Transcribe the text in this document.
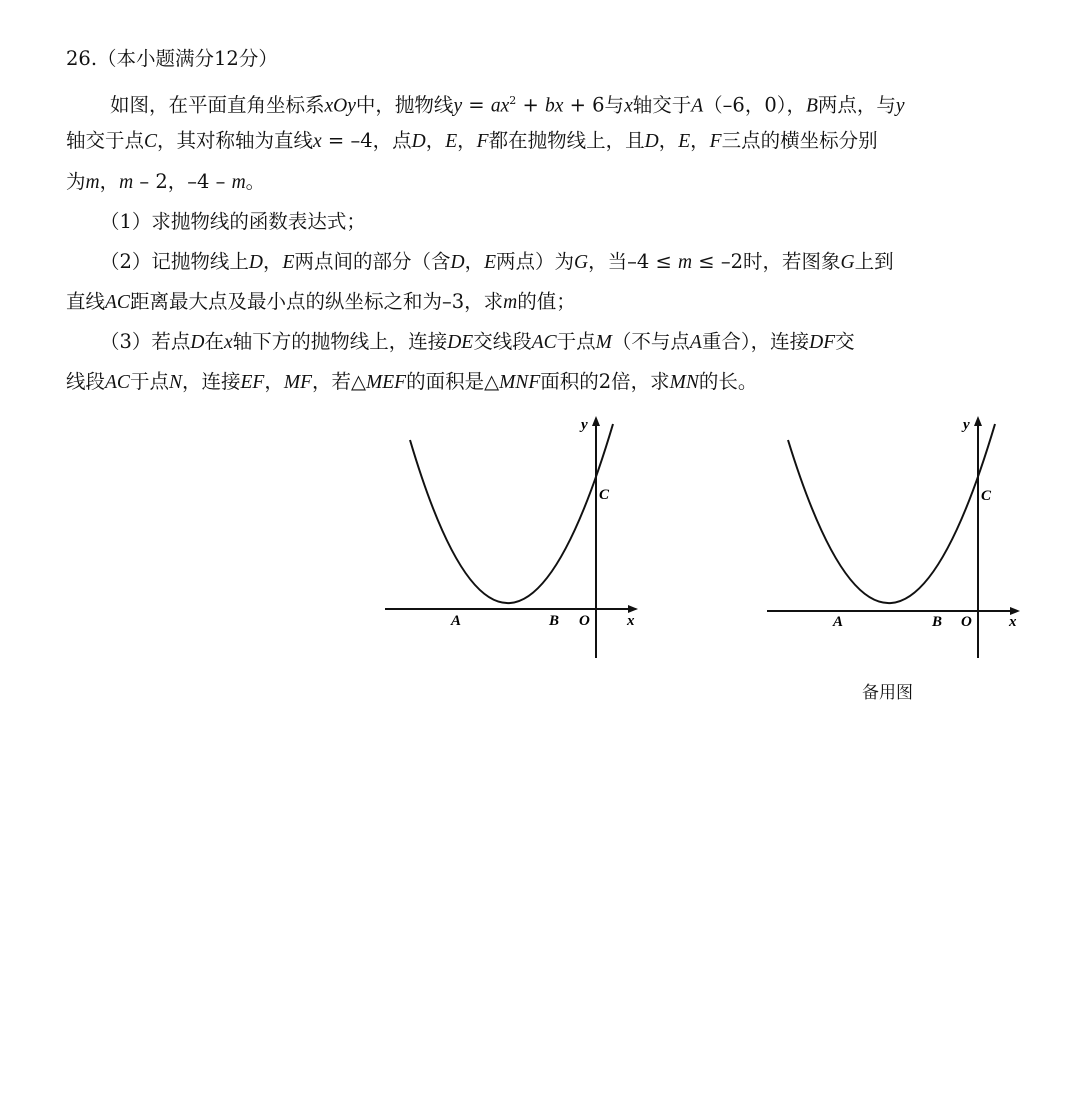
26.（本小题满分12分）
如图，在平面直角坐标系xOy中，抛物线$y = ax^2$ + bx + 6与x轴交于A（–6，0），B两点，与y
轴交于点C，其对称轴为直线x = –4，点D，E，F都在抛物线上，且D，E，F三点的横坐标分别
为m，m – 2，–4 – m。
（1）求抛物线的函数表达式；
（2）记抛物线上D，E两点间的部分（含D，E两点）为G，当–4 ≤ m ≤ –2时，若图象G上到
直线AC距离最大点及最小点的纵坐标之和为–3，求m的值；
（3）若点D在x轴下方的抛物线上，连接DE交线段AC于点M（不与点A重合），连接DF交
线段AC于点N，连接EF，MF，若△MEF的面积是△MNF面积的2倍，求MN的长。
y
C
A	B O x
y
C
A	B O x
备用图
